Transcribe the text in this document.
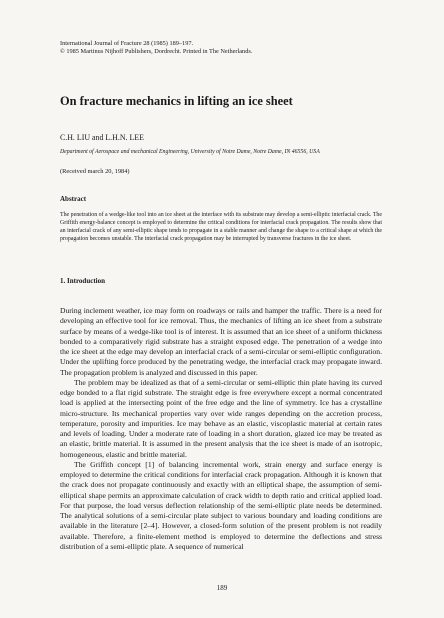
International Journal of Fracture 28 (1985) 189–197.
© 1985 Martinus Nijhoff Publishers, Dordrecht. Printed in The Netherlands.
On fracture mechanics in lifting an ice sheet
C.H. LIU and L.H.N. LEE
Department of Aerospace and mechanical Engineering, University of Notre Dame, Notre Dame, IN 46556, USA
(Received march 20, 1984)
Abstract

The penetration of a wedge-like tool into an ice sheet at the interface with its substrate may develop a semi-elliptic interfacial crack. The Griffith energy-balance concept is employed to determine the critical conditions for interfacial crack propagation. The results show that an interfacial crack of any semi-elliptic shape tends to propagate in a stable manner and change the shape to a critical shape at which the propagation becomes unstable. The interfacial crack propagation may be interrupted by transverse fractures in the ice sheet.

1. Introduction

During inclement weather, ice may form on roadways or rails and hamper the traffic. There is a need for developing an effective tool for ice removal. Thus, the mechanics of lifting an ice sheet from a substrate surface by means of a wedge-like tool is of interest. It is assumed that an ice sheet of a uniform thickness bonded to a comparatively rigid substrate has a straight exposed edge. The penetration of a wedge into the ice sheet at the edge may develop an interfacial crack of a semi-circular or semi-elliptic configuration. Under the uplifting force produced by the penetrating wedge, the interfacial crack may propagate inward. The propagation problem is analyzed and discussed in this paper.

The problem may be idealized as that of a semi-circular or semi-elliptic thin plate having its curved edge bonded to a flat rigid substrate. The straight edge is free everywhere except a normal concentrated load is applied at the intersecting point of the free edge and the line of symmetry. Ice has a crystalline micro-structure. Its mechanical properties vary over wide ranges depending on the accretion process, temperature, porosity and impurities. Ice may behave as an elastic, viscoplastic material at certain rates and levels of loading. Under a moderate rate of loading in a short duration, glazed ice may be treated as an elastic, brittle material. It is assumed in the present analysis that the ice sheet is made of an isotropic, homogeneous, elastic and brittle material.

The Griffith concept [1] of balancing incremental work, strain energy and surface energy is employed to determine the critical conditions for interfacial crack propagation. Although it is known that the crack does not propagate continuously and exactly with an elliptical shape, the assumption of semi-elliptical shape permits an approximate calculation of crack width to depth ratio and critical applied load. For that purpose, the load versus deflection relationship of the semi-elliptic plate needs be determined. The analytical solutions of a semi-circular plate subject to various boundary and loading conditions are available in the literature [2–4]. However, a closed-form solution of the present problem is not readily available. Therefore, a finite-element method is employed to determine the deflections and stress distribution of a semi-elliptic plate. A sequence of numerical

189
